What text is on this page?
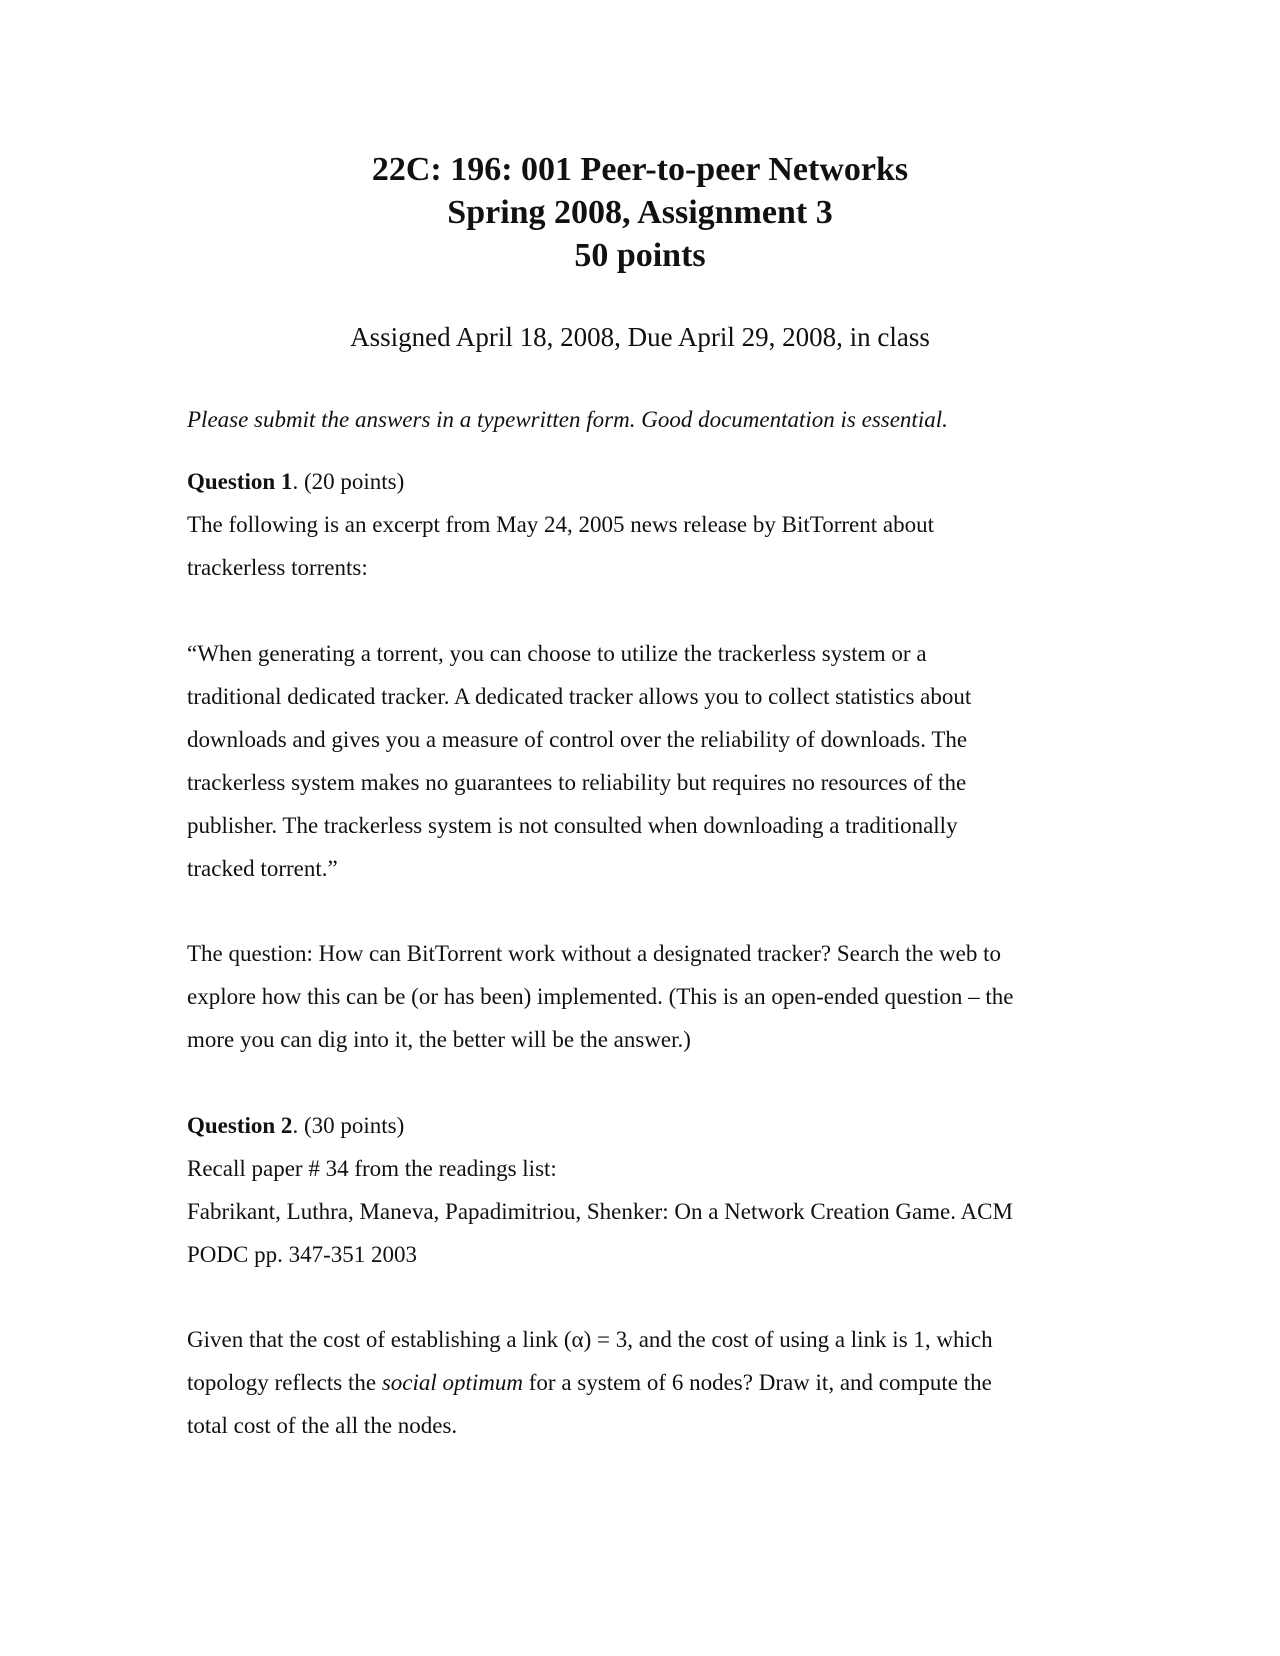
22C: 196: 001 Peer-to-peer Networks
Spring 2008, Assignment 3
50 points
Assigned April 18, 2008, Due April 29, 2008, in class
Please submit the answers in a typewritten form. Good documentation is essential.

Question 1. (20 points)

The following is an excerpt from May 24, 2005 news release by BitTorrent about

trackerless torrents:

“When generating a torrent, you can choose to utilize the trackerless system or a

traditional dedicated tracker. A dedicated tracker allows you to collect statistics about

downloads and gives you a measure of control over the reliability of downloads. The

trackerless system makes no guarantees to reliability but requires no resources of the

publisher. The trackerless system is not consulted when downloading a traditionally

tracked torrent.”

The question: How can BitTorrent work without a designated tracker? Search the web to

explore how this can be (or has been) implemented. (This is an open-ended question – the

more you can dig into it, the better will be the answer.)

Question 2. (30 points)

Recall paper # 34 from the readings list:

Fabrikant, Luthra, Maneva, Papadimitriou, Shenker: On a Network Creation Game. ACM

PODC pp. 347-351 2003

Given that the cost of establishing a link (α) = 3, and the cost of using a link is 1, which

topology reflects the social optimum for a system of 6 nodes? Draw it, and compute the

total cost of the all the nodes.
